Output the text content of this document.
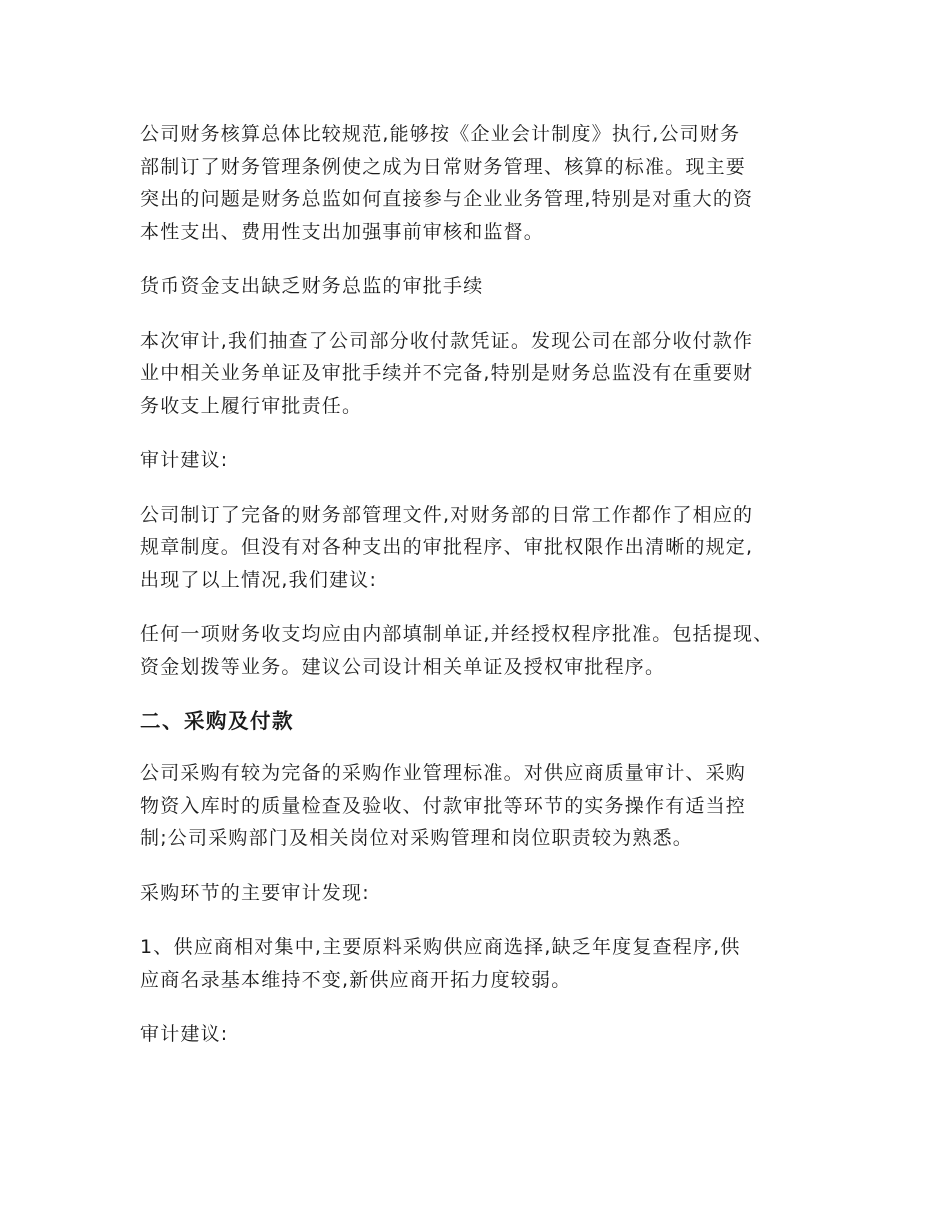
公司财务核算总体比较规范,能够按《企业会计制度》执行,公司财务
部制订了财务管理条例使之成为日常财务管理、核算的标准。现主要
突出的问题是财务总监如何直接参与企业业务管理,特别是对重大的资
本性支出、费用性支出加强事前审核和监督。

货币资金支出缺乏财务总监的审批手续

本次审计,我们抽查了公司部分收付款凭证。发现公司在部分收付款作
业中相关业务单证及审批手续并不完备,特别是财务总监没有在重要财
务收支上履行审批责任。

审计建议:

公司制订了完备的财务部管理文件,对财务部的日常工作都作了相应的
规章制度。但没有对各种支出的审批程序、审批权限作出清晰的规定,
出现了以上情况,我们建议:

任何一项财务收支均应由内部填制单证,并经授权程序批准。包括提现、
资金划拨等业务。建议公司设计相关单证及授权审批程序。

二、采购及付款

公司采购有较为完备的采购作业管理标准。对供应商质量审计、采购
物资入库时的质量检查及验收、付款审批等环节的实务操作有适当控
制;公司采购部门及相关岗位对采购管理和岗位职责较为熟悉。

采购环节的主要审计发现:

1、供应商相对集中,主要原料采购供应商选择,缺乏年度复查程序,供
应商名录基本维持不变,新供应商开拓力度较弱。

审计建议:
